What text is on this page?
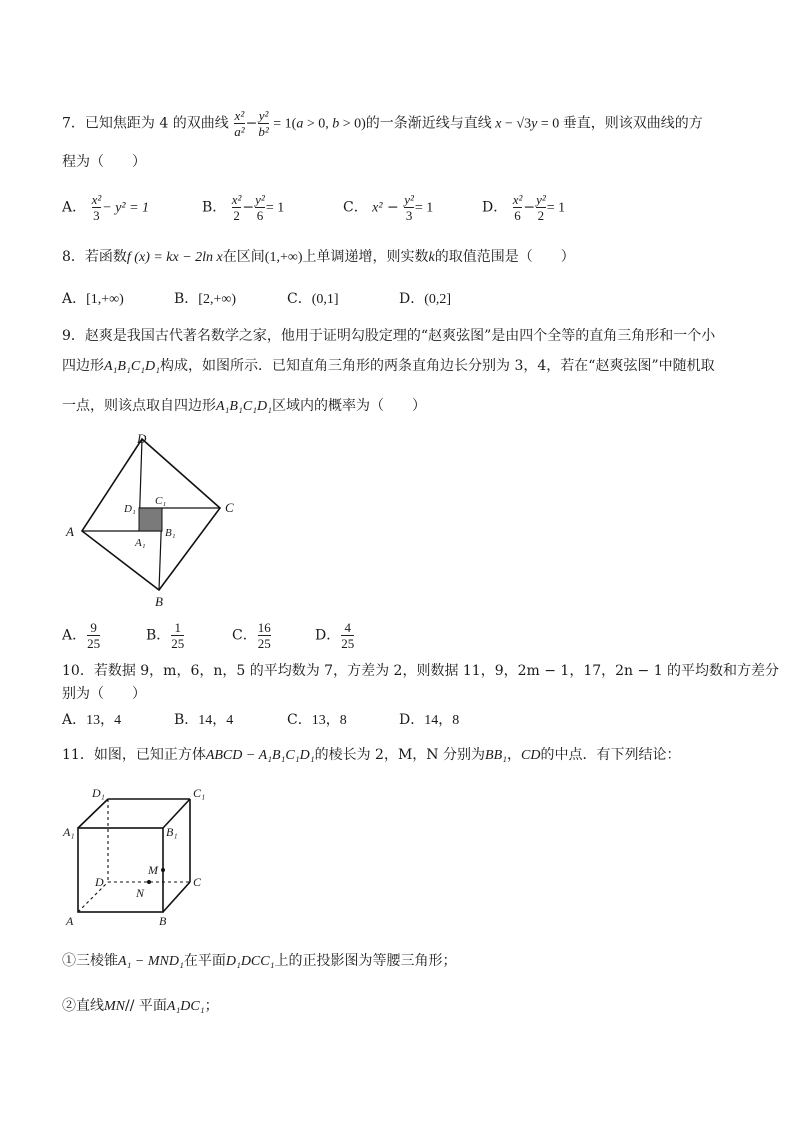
7．已知焦距为 4 的双曲线 $\frac{\text{x²}}{\text{a²}} - \frac{\text{y²}}{\text{b²}} = 1(a > 0$, b > 0)的一条渐近线与直线 x − √3y = 0 垂直，则该双曲线的方
程为（　　）
A． $\frac{\text{x²}}{3} - y^2 = 1$	B． $\frac{\text{x²}}{2} - \frac{\text{y²}}{6} = 1$	C． $x^2 - \frac{\text{y²}}{3} = 1$	D． $\frac{\text{x²}}{6} - \frac{\text{y²}}{2} = 1$
8．若函数f (x) = kx − 2ln x在区间(1,+∞)上单调递增，则实数k的取值范围是（　　）
A．[1,+∞)	B．[2,+∞)	C．(0,1]	D．(0,2]
9．赵爽是我国古代著名数学之家，他用于证明勾股定理的“赵爽弦图”是由四个全等的直角三角形和一个小
四边形A₁B₁C₁D₁构成，如图所示．已知直角三角形的两条直角边长分别为 3，4，若在“赵爽弦图”中随机取
一点，则该点取自四边形A₁B₁C₁D₁区域内的概率为（　　）
D
C
B
A
D₁
C₁
B₁
A₁
A． $\frac{9}{25}$	B． $\frac{1}{25}$	C． $\frac{16}{25}$	D． $\frac{4}{25}$
10．若数据 9，m，6，n，5 的平均数为 7，方差为 2，则数据 11，9，2m − 1，17，2n − 1 的平均数和方差分
别为（　　）
A．13，4	B．14，4	C．13，8	D．14，8
11．如图，已知正方体ABCD − A₁B₁C₁D₁的棱长为 2，M，N 分别为BB₁，CD的中点．有下列结论：
D₁	C₁
A₁	B₁
M
D	C
N
A	B
①三棱锥A₁ − MND₁在平面D₁DCC₁上的正投影图为等腰三角形；
②直线MN// 平面A₁DC₁；
